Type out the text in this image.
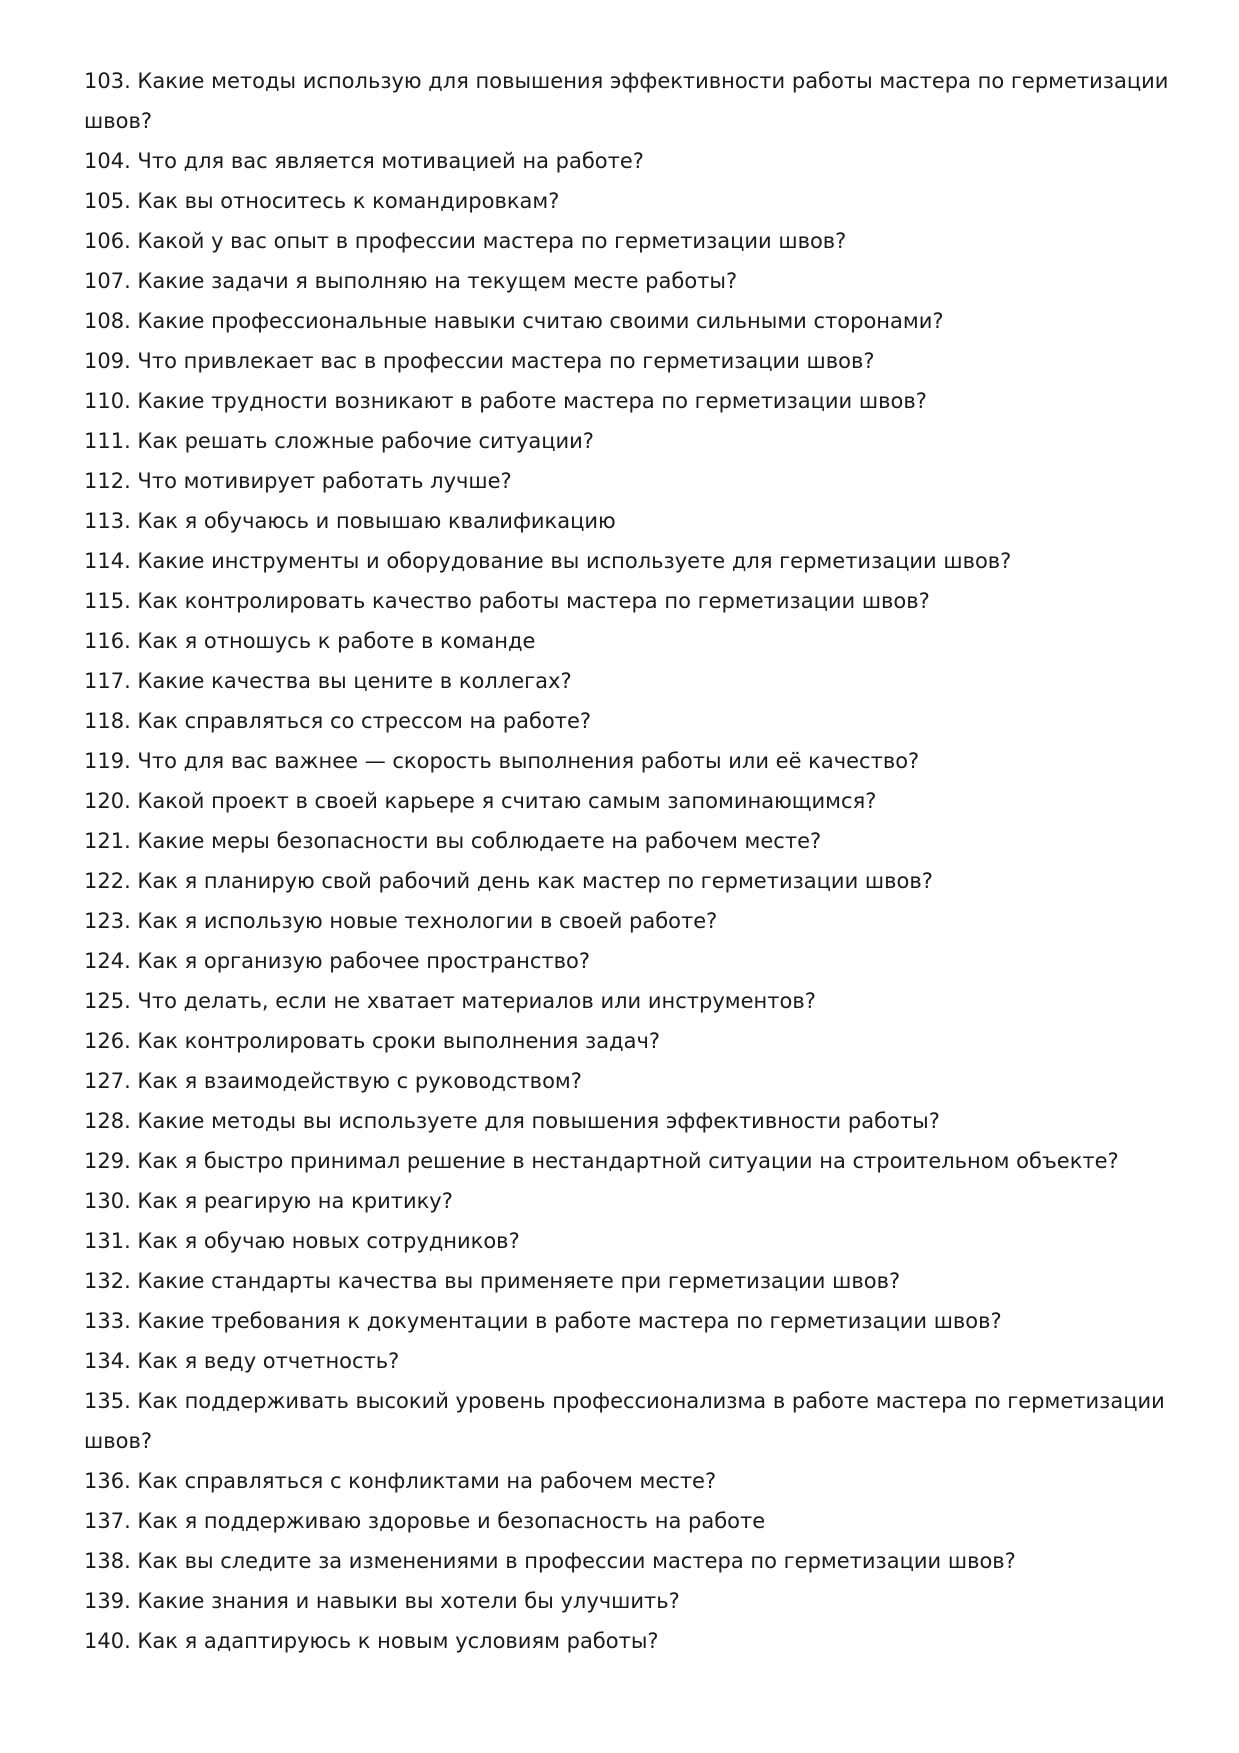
103. Какие методы использую для повышения эффективности работы мастера по герметизации швов?
104. Что для вас является мотивацией на работе?
105. Как вы относитесь к командировкам?
106. Какой у вас опыт в профессии мастера по герметизации швов?
107. Какие задачи я выполняю на текущем месте работы?
108. Какие профессиональные навыки считаю своими сильными сторонами?
109. Что привлекает вас в профессии мастера по герметизации швов?
110. Какие трудности возникают в работе мастера по герметизации швов?
111. Как решать сложные рабочие ситуации?
112. Что мотивирует работать лучше?
113. Как я обучаюсь и повышаю квалификацию
114. Какие инструменты и оборудование вы используете для герметизации швов?
115. Как контролировать качество работы мастера по герметизации швов?
116. Как я отношусь к работе в команде
117. Какие качества вы цените в коллегах?
118. Как справляться со стрессом на работе?
119. Что для вас важнее — скорость выполнения работы или её качество?
120. Какой проект в своей карьере я считаю самым запоминающимся?
121. Какие меры безопасности вы соблюдаете на рабочем месте?
122. Как я планирую свой рабочий день как мастер по герметизации швов?
123. Как я использую новые технологии в своей работе?
124. Как я организую рабочее пространство?
125. Что делать, если не хватает материалов или инструментов?
126. Как контролировать сроки выполнения задач?
127. Как я взаимодействую с руководством?
128. Какие методы вы используете для повышения эффективности работы?
129. Как я быстро принимал решение в нестандартной ситуации на строительном объекте?
130. Как я реагирую на критику?
131. Как я обучаю новых сотрудников?
132. Какие стандарты качества вы применяете при герметизации швов?
133. Какие требования к документации в работе мастера по герметизации швов?
134. Как я веду отчетность?
135. Как поддерживать высокий уровень профессионализма в работе мастера по герметизации швов?
136. Как справляться с конфликтами на рабочем месте?
137. Как я поддерживаю здоровье и безопасность на работе
138. Как вы следите за изменениями в профессии мастера по герметизации швов?
139. Какие знания и навыки вы хотели бы улучшить?
140. Как я адаптируюсь к новым условиям работы?
